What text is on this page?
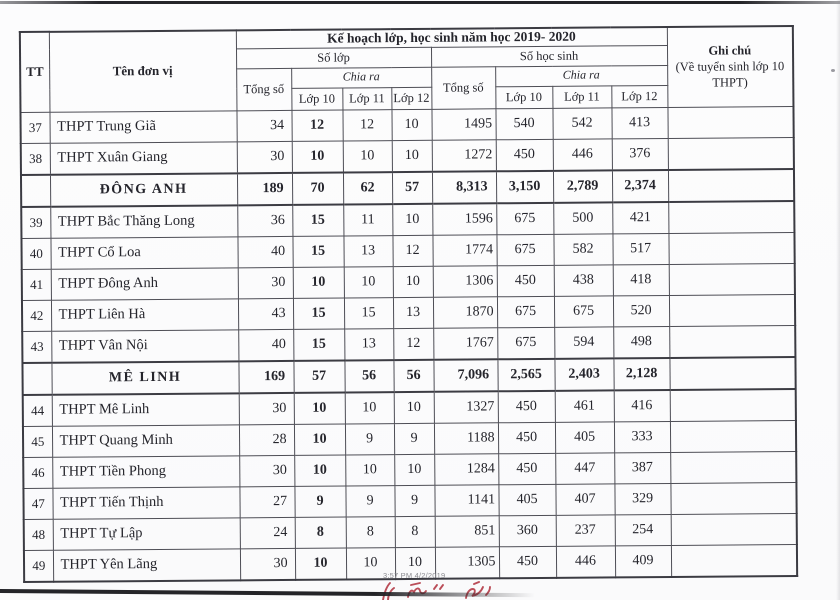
TT	Tên đơn vị	Kế hoạch lớp, học sinh năm học 2019- 2020								Ghi chú
(Về tuyển sinh lớp 10 THPT)

		Số lớp				Số học sinh				
		Tổng số	Chia ra			Tổng số	Chia ra			
			Lớp 10	Lớp 11	Lớp 12		Lớp 10	Lớp 11	Lớp 12	
37	THPT Trung Giã	34	12	12	10	1495	540	542	413	
38	THPT Xuân Giang	30	10	10	10	1272	450	446	376	
	ĐÔNG ANH	189	70	62	57	8,313	3,150	2,789	2,374	
39	THPT Bắc Thăng Long	36	15	11	10	1596	675	500	421	
40	THPT Cổ Loa	40	15	13	12	1774	675	582	517	
41	THPT Đông Anh	30	10	10	10	1306	450	438	418	
42	THPT Liên Hà	43	15	15	13	1870	675	675	520	
43	THPT Vân Nội	40	15	13	12	1767	675	594	498	
	MÊ LINH	169	57	56	56	7,096	2,565	2,403	2,128	
44	THPT Mê Linh	30	10	10	10	1327	450	461	416	
45	THPT Quang Minh	28	10	9	9	1188	450	405	333	
46	THPT Tiền Phong	30	10	10	10	1284	450	447	387	
47	THPT Tiến Thịnh	27	9	9	9	1141	405	407	329	
48	THPT Tự Lập	24	8	8	8	851	360	237	254	
49	THPT Yên Lãng	30	10	10	10	1305	450	446	409	
3:57 PM 4/2/2019
